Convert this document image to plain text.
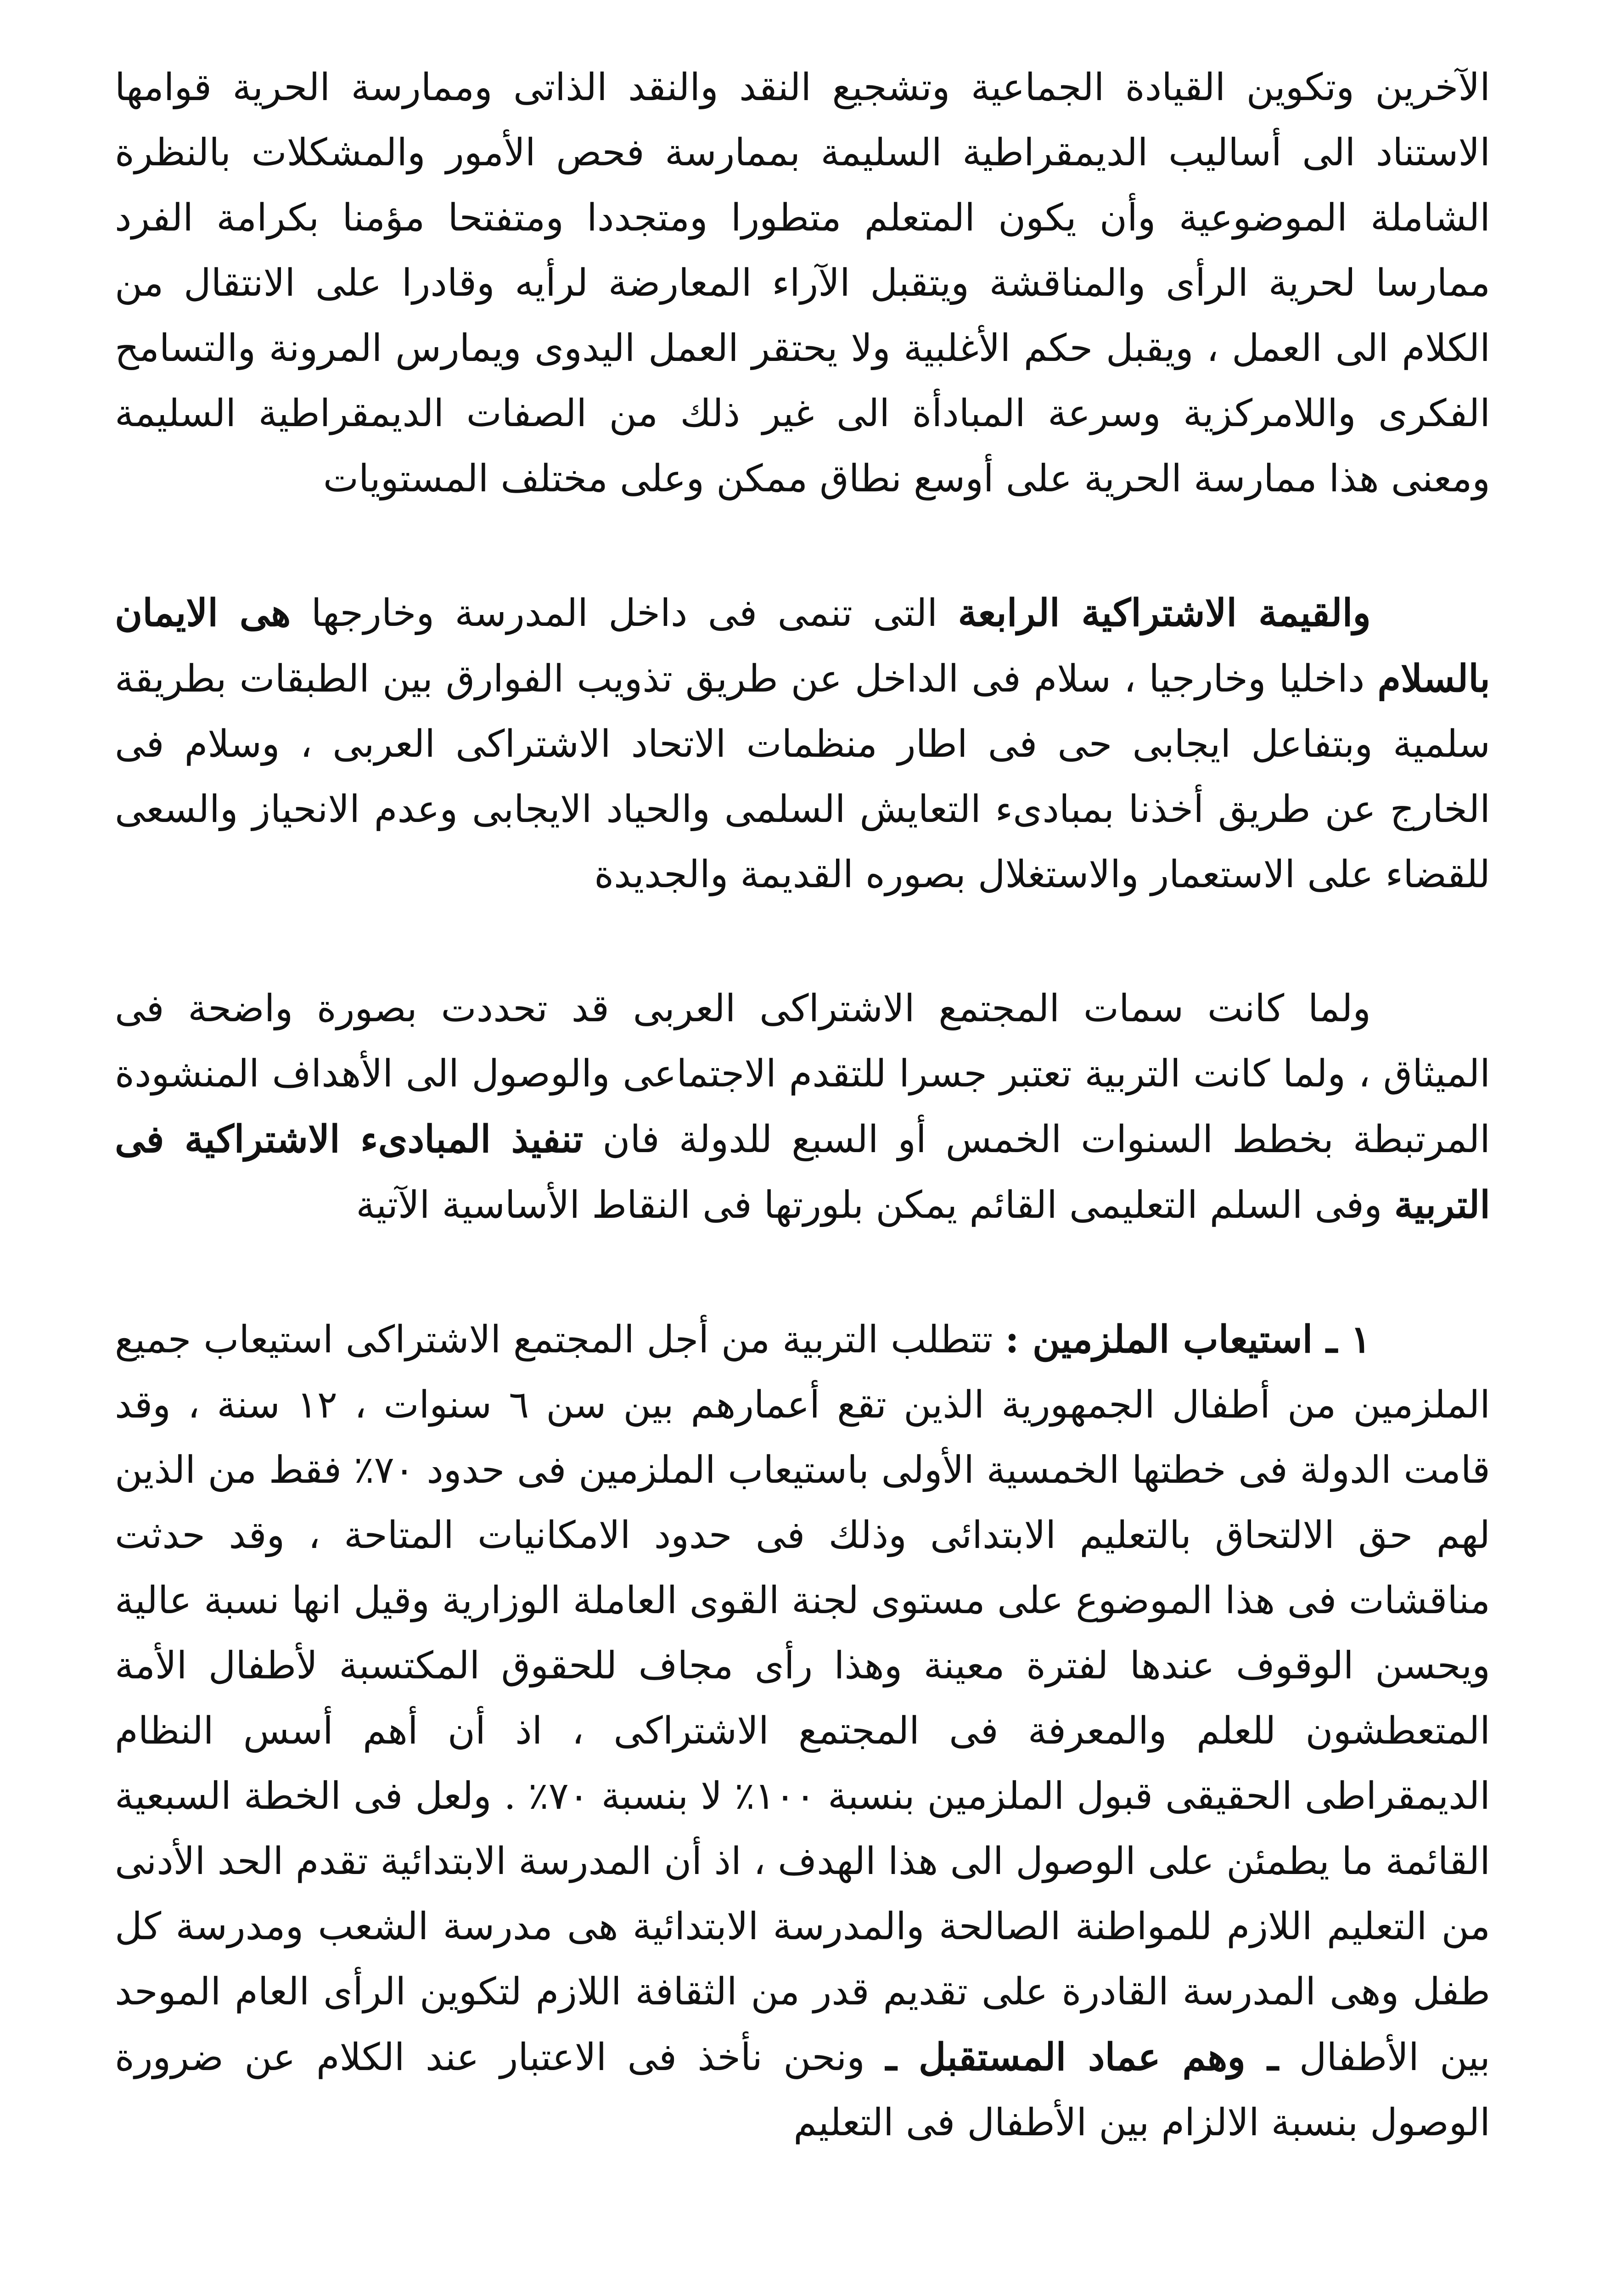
الآخرين وتكوين القيادة الجماعية وتشجيع النقد والنقد الذاتى وممارسة الحرية قوامها الاستناد الى أساليب الديمقراطية السليمة بممارسة فحص الأمور والمشكلات بالنظرة الشاملة الموضوعية وأن يكون المتعلم متطورا ومتجددا ومتفتحا مؤمنا بكرامة الفرد ممارسا لحرية الرأى والمناقشة ويتقبل الآراء المعارضة لرأيه وقادرا على الانتقال من الكلام الى العمل ، ويقبل حكم الأغلبية ولا يحتقر العمل اليدوى ويمارس المرونة والتسامح الفكرى واللامركزية وسرعة المبادأة الى غير ذلك من الصفات الديمقراطية السليمة ومعنى هذا ممارسة الحرية على أوسع نطاق ممكن وعلى مختلف المستويات

والقيمة الاشتراكية الرابعة التى تنمى فى داخل المدرسة وخارجها هى الايمان بالسلام داخليا وخارجيا ، سلام فى الداخل عن طريق تذويب الفوارق بين الطبقات بطريقة سلمية وبتفاعل ايجابى حى فى اطار منظمات الاتحاد الاشتراكى العربى ، وسلام فى الخارج عن طريق أخذنا بمبادىء التعايش السلمى والحياد الايجابى وعدم الانحياز والسعى للقضاء على الاستعمار والاستغلال بصوره القديمة والجديدة

ولما كانت سمات المجتمع الاشتراكى العربى قد تحددت بصورة واضحة فى الميثاق ، ولما كانت التربية تعتبر جسرا للتقدم الاجتماعى والوصول الى الأهداف المنشودة المرتبطة بخطط السنوات الخمس أو السبع للدولة فان تنفيذ المبادىء الاشتراكية فى التربية وفى السلم التعليمى القائم يمكن بلورتها فى النقاط الأساسية الآتية

١ ـ استيعاب الملزمين : تتطلب التربية من أجل المجتمع الاشتراكى استيعاب جميع الملزمين من أطفال الجمهورية الذين تقع أعمارهم بين سن ٦ سنوات ، ١٢ سنة ، وقد قامت الدولة فى خطتها الخمسية الأولى باستيعاب الملزمين فى حدود ٧٠٪ فقط من الذين لهم حق الالتحاق بالتعليم الابتدائى وذلك فى حدود الامكانيات المتاحة ، وقد حدثت مناقشات فى هذا الموضوع على مستوى لجنة القوى العاملة الوزارية وقيل انها نسبة عالية ويحسن الوقوف عندها لفترة معينة وهذا رأى مجاف للحقوق المكتسبة لأطفال الأمة المتعطشون للعلم والمعرفة فى المجتمع الاشتراكى ، اذ أن أهم أسس النظام الديمقراطى الحقيقى قبول الملزمين بنسبة ١٠٠٪ لا بنسبة ٧٠٪ . ولعل فى الخطة السبعية القائمة ما يطمئن على الوصول الى هذا الهدف ، اذ أن المدرسة الابتدائية تقدم الحد الأدنى من التعليم اللازم للمواطنة الصالحة والمدرسة الابتدائية هى مدرسة الشعب ومدرسة كل طفل وهى المدرسة القادرة على تقديم قدر من الثقافة اللازم لتكوين الرأى العام الموحد بين الأطفال ـ وهم عماد المستقبل ـ ونحن نأخذ فى الاعتبار عند الكلام عن ضرورة الوصول بنسبة الالزام بين الأطفال فى التعليم
